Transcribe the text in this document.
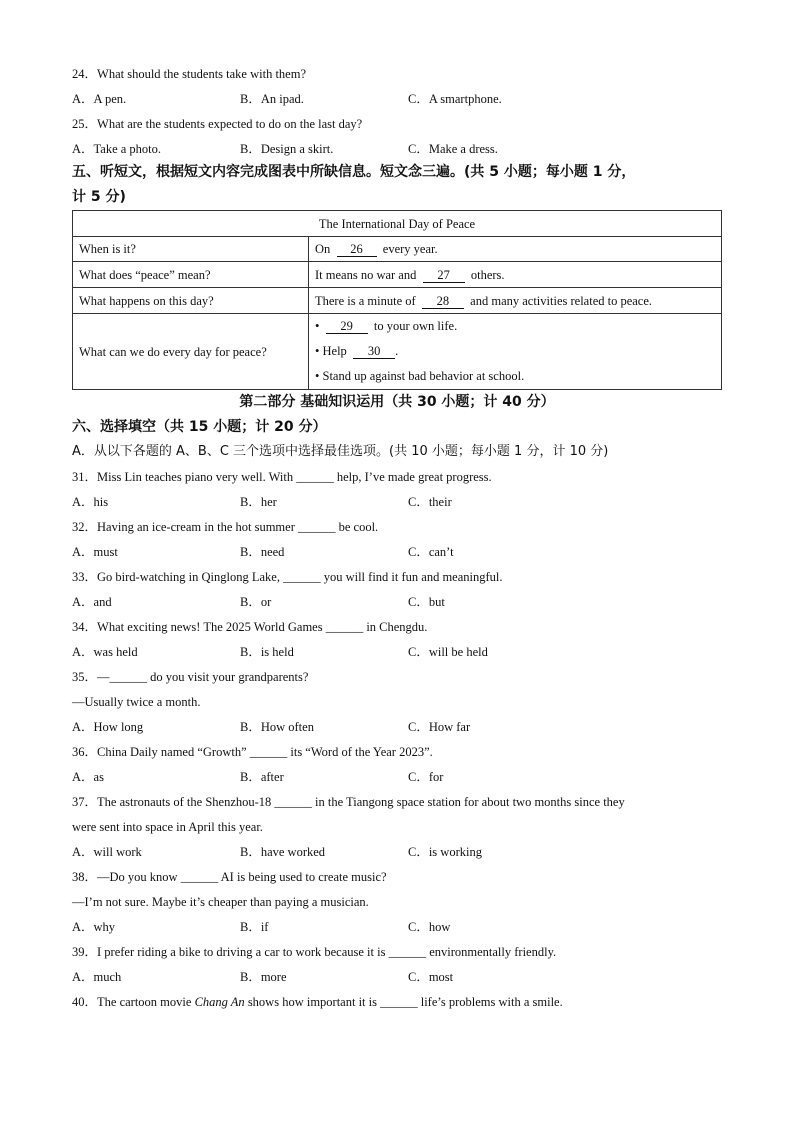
24．What should the students take with them?
A．A pen.	B．An ipad.	C．A smartphone.
25．What are the students expected to do on the last day?
A．Take a photo.	B．Design a skirt.	C．Make a dress.
五、听短文，根据短文内容完成图表中所缺信息。短文念三遍。(共 5 小题；每小题 1 分，
计 5 分)
The International Day of Peace	
When is it?	On 26 every year.
What does “peace” mean?	It means no war and 27 others.
What happens on this day?	There is a minute of 28 and many activities related to peace.
What can we do every day for peace?	• 29 to your own life.
• Help 30 .
• Stand up against bad behavior at school.
第二部分 基础知识运用（共 30 小题；计 40 分）
六、选择填空（共 15 小题；计 20 分）
A．从以下各题的 A、B、C 三个选项中选择最佳选项。(共 10 小题；每小题 1 分，计 10 分)
31．Miss Lin teaches piano very well. With ______ help, I’ve made great progress.
A．his	B．her	C．their
32．Having an ice-cream in the hot summer ______ be cool.
A．must	B．need	C．can’t
33．Go bird-watching in Qinglong Lake, ______ you will find it fun and meaningful.
A．and	B．or	C．but
34．What exciting news! The 2025 World Games ______ in Chengdu.
A．was held	B．is held	C．will be held
35．—______ do you visit your grandparents?
—Usually twice a month.
A．How long	B．How often	C．How far
36．China Daily named “Growth” ______ its “Word of the Year 2023”.
A．as	B．after	C．for
37．The astronauts of the Shenzhou-18 ______ in the Tiangong space station for about two months since they
were sent into space in April this year.
A．will work	B．have worked	C．is working
38．—Do you know ______ AI is being used to create music?
—I’m not sure. Maybe it’s cheaper than paying a musician.
A．why	B．if	C．how
39．I prefer riding a bike to driving a car to work because it is ______ environmentally friendly.
A．much	B．more	C．most
40．The cartoon movie Chang An shows how important it is ______ life’s problems with a smile.
